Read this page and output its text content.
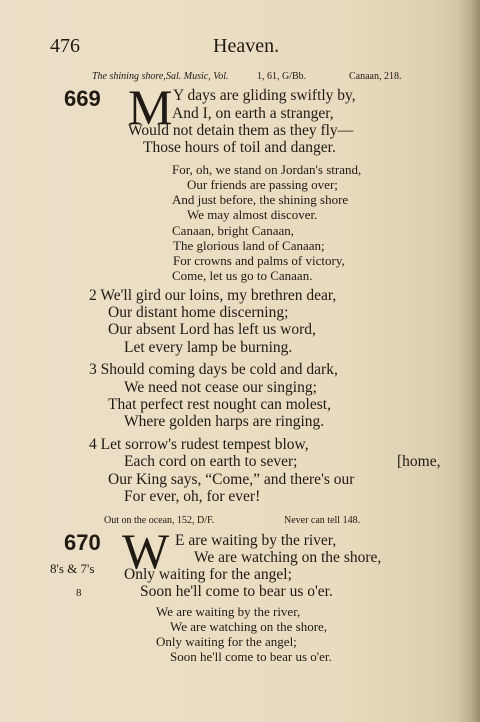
476	Heaven.
The shining shore, Sal. Music, Vol.	1, 61, G/Bb.	Canaan, 218.
669 M Y days are gliding swiftly by,
And I, on earth a stranger,
Would not detain them as they fly—
Those hours of toil and danger.
For, oh, we stand on Jordan's strand,
Our friends are passing over;
And just before, the shining shore
We may almost discover.
Canaan, bright Canaan,
The glorious land of Canaan;
For crowns and palms of victory,
Come, let us go to Canaan.
2 We'll gird our loins, my brethren dear,
Our distant home discerning;
Our absent Lord has left us word,
Let every lamp be burning.
3 Should coming days be cold and dark,
We need not cease our singing;
That perfect rest nought can molest,
Where golden harps are ringing.
4 Let sorrow's rudest tempest blow,
Each cord on earth to sever;	[home,
Our King says, “Come,” and there's our
For ever, oh, for ever!
Out on the ocean, 152, D/F.	Never can tell 148.
670
8's & 7's
8
W E are waiting by the river,
We are watching on the shore,
Only waiting for the angel;
Soon he'll come to bear us o'er.
We are waiting by the river,
We are watching on the shore,
Only waiting for the angel;
Soon he'll come to bear us o'er.
